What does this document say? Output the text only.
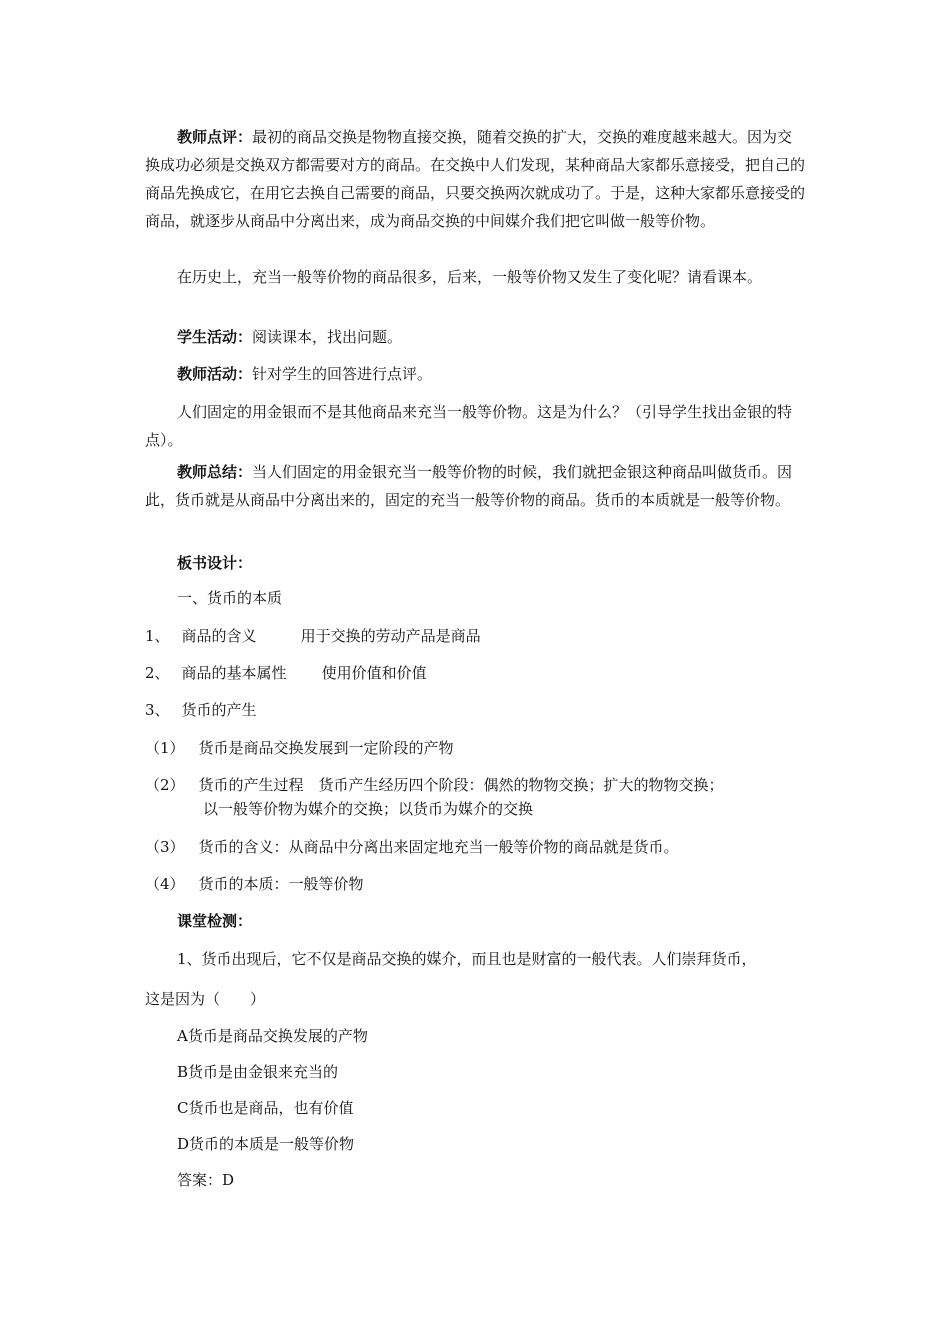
教师点评：最初的商品交换是物物直接交换，随着交换的扩大，交换的难度越来越大。因为交换成功必须是交换双方都需要对方的商品。在交换中人们发现，某种商品大家都乐意接受，把自己的商品先换成它，在用它去换自己需要的商品，只要交换两次就成功了。于是，这种大家都乐意接受的商品，就逐步从商品中分离出来，成为商品交换的中间媒介我们把它叫做一般等价物。

在历史上，充当一般等价物的商品很多，后来，一般等价物又发生了变化呢？请看课本。

学生活动：阅读课本，找出问题。

教师活动：针对学生的回答进行点评。

人们固定的用金银而不是其他商品来充当一般等价物。这是为什么？（引导学生找出金银的特点）。

教师总结：当人们固定的用金银充当一般等价物的时候，我们就把金银这种商品叫做货币。因此，货币就是从商品中分离出来的，固定的充当一般等价物的商品。货币的本质就是一般等价物。

板书设计：

一、货币的本质

1、 商品的含义	用于交换的劳动产品是商品

2、 商品的基本属性 使用价值和价值

3、 货币的产生

（1） 货币是商品交换发展到一定阶段的产物

（2） 货币的产生过程　货币产生经历四个阶段：偶然的物物交换；扩大的物物交换；

以一般等价物为媒介的交换；以货币为媒介的交换

（3） 货币的含义：从商品中分离出来固定地充当一般等价物的商品就是货币。

（4） 货币的本质：一般等价物

课堂检测：

1、货币出现后，它不仅是商品交换的媒介，而且也是财富的一般代表。人们崇拜货币，

这是因为（　　）

A货币是商品交换发展的产物

B货币是由金银来充当的

C货币也是商品，也有价值

D货币的本质是一般等价物

答案：D
